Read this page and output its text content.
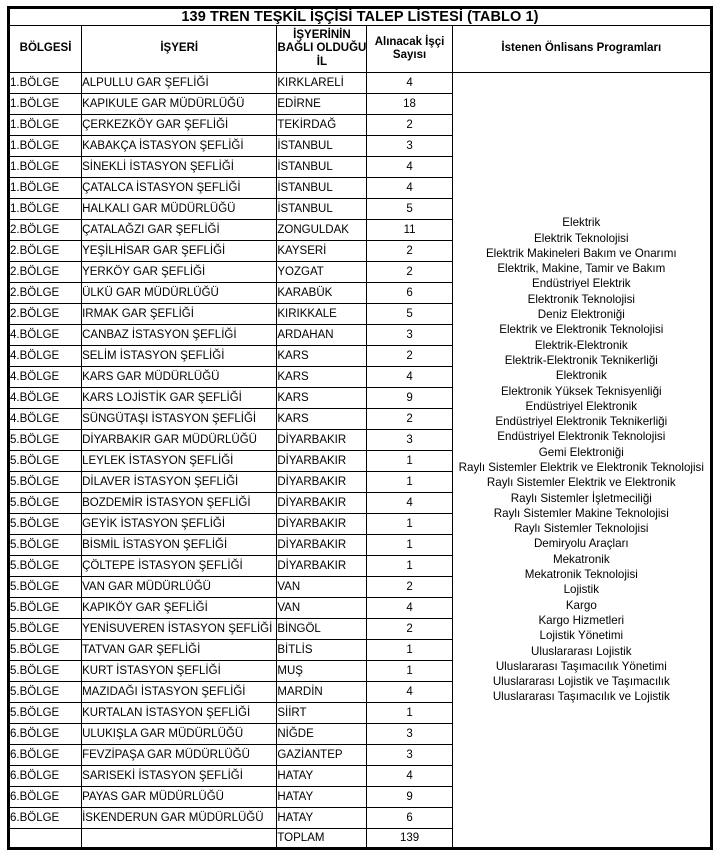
139 TREN TEŞKİL İŞÇİSİ TALEP LİSTESİ (TABLO 1)				
BÖLGESİ	İŞYERİ	İŞYERİNİN BAĞLI OLDUĞU İL	Alınacak İşçi Sayısı	İstenen Önlisans Programları
1.BÖLGE	ALPULLU GAR ŞEFLİĞİ	KIRKLARELİ	4	
Elektrik
Elektrik Teknolojisi
Elektrik Makineleri Bakım ve Onarımı
Elektrik, Makine, Tamir ve Bakım
Endüstriyel Elektrik
Elektronik Teknolojisi
Deniz Elektroniği
Elektrik ve Elektronik Teknolojisi
Elektrik-Elektronik
Elektrik-Elektronik Teknikerliği
Elektronik
Elektronik Yüksek Teknisyenliği
Endüstriyel Elektronik
Endüstriyel Elektronik Teknikerliği
Endüstriyel Elektronik Teknolojisi
Gemi Elektroniği
Raylı Sistemler Elektrik ve Elektronik Teknolojisi
Raylı Sistemler Elektrik ve Elektronik
Raylı Sistemler İşletmeciliği
Raylı Sistemler Makine Teknolojisi
Raylı Sistemler Teknolojisi
Demiryolu Araçları
Mekatronik
Mekatronik Teknolojisi
Lojistik
Kargo
Kargo Hizmetleri
Lojistik Yönetimi
Uluslararası Lojistik
Uluslararası Taşımacılık Yönetimi
Uluslararası Lojistik ve Taşımacılık
Uluslararası Taşımacılık ve Lojistik

1.BÖLGE	KAPIKULE GAR MÜDÜRLÜĞÜ	EDİRNE	18	
1.BÖLGE	ÇERKEZKÖY GAR ŞEFLİĞİ	TEKİRDAĞ	2	
1.BÖLGE	KABAKÇA İSTASYON ŞEFLİĞİ	İSTANBUL	3	
1.BÖLGE	SİNEKLİ İSTASYON ŞEFLİĞİ	İSTANBUL	4	
1.BÖLGE	ÇATALCA İSTASYON ŞEFLİĞİ	İSTANBUL	4	
1.BÖLGE	HALKALI GAR MÜDÜRLÜĞÜ	İSTANBUL	5	
2.BÖLGE	ÇATALAĞZI GAR ŞEFLİĞİ	ZONGULDAK	11	
2.BÖLGE	YEŞİLHİSAR GAR ŞEFLİĞİ	KAYSERİ	2	
2.BÖLGE	YERKÖY GAR ŞEFLİĞİ	YOZGAT	2	
2.BÖLGE	ÜLKÜ GAR MÜDÜRLÜĞÜ	KARABÜK	6	
2.BÖLGE	IRMAK GAR ŞEFLİĞİ	KIRIKKALE	5	
4.BÖLGE	CANBAZ İSTASYON ŞEFLİĞİ	ARDAHAN	3	
4.BÖLGE	SELİM İSTASYON ŞEFLİĞİ	KARS	2	
4.BÖLGE	KARS GAR MÜDÜRLÜĞÜ	KARS	4	
4.BÖLGE	KARS LOJİSTİK GAR ŞEFLİĞİ	KARS	9	
4.BÖLGE	SÜNGÜTAŞI İSTASYON ŞEFLİĞİ	KARS	2	
5.BÖLGE	DİYARBAKIR GAR MÜDÜRLÜĞÜ	DİYARBAKIR	3	
5.BÖLGE	LEYLEK İSTASYON ŞEFLİĞİ	DİYARBAKIR	1	
5.BÖLGE	DİLAVER İSTASYON ŞEFLİĞİ	DİYARBAKIR	1	
5.BÖLGE	BOZDEMİR İSTASYON ŞEFLİĞİ	DİYARBAKIR	4	
5.BÖLGE	GEYİK İSTASYON ŞEFLİĞİ	DİYARBAKIR	1	
5.BÖLGE	BİSMİL İSTASYON ŞEFLİĞİ	DİYARBAKIR	1	
5.BÖLGE	ÇÖLTEPE İSTASYON ŞEFLİĞİ	DİYARBAKIR	1	
5.BÖLGE	VAN GAR MÜDÜRLÜĞÜ	VAN	2	
5.BÖLGE	KAPIKÖY GAR ŞEFLİĞİ	VAN	4	
5.BÖLGE	YENİSUVEREN İSTASYON ŞEFLİĞİ	BİNGÖL	2	
5.BÖLGE	TATVAN GAR ŞEFLİĞİ	BİTLİS	1	
5.BÖLGE	KURT İSTASYON ŞEFLİĞİ	MUŞ	1	
5.BÖLGE	MAZIDAĞI İSTASYON ŞEFLİĞİ	MARDİN	4	
5.BÖLGE	KURTALAN İSTASYON ŞEFLİĞİ	SİİRT	1	
6.BÖLGE	ULUKIŞLA GAR MÜDÜRLÜĞÜ	NİĞDE	3	
6.BÖLGE	FEVZİPAŞA GAR MÜDÜRLÜĞÜ	GAZİANTEP	3	
6.BÖLGE	SARISEKİ İSTASYON ŞEFLİĞİ	HATAY	4	
6.BÖLGE	PAYAS GAR MÜDÜRLÜĞÜ	HATAY	9	
6.BÖLGE	İSKENDERUN GAR MÜDÜRLÜĞÜ	HATAY	6	
		TOPLAM	139	
